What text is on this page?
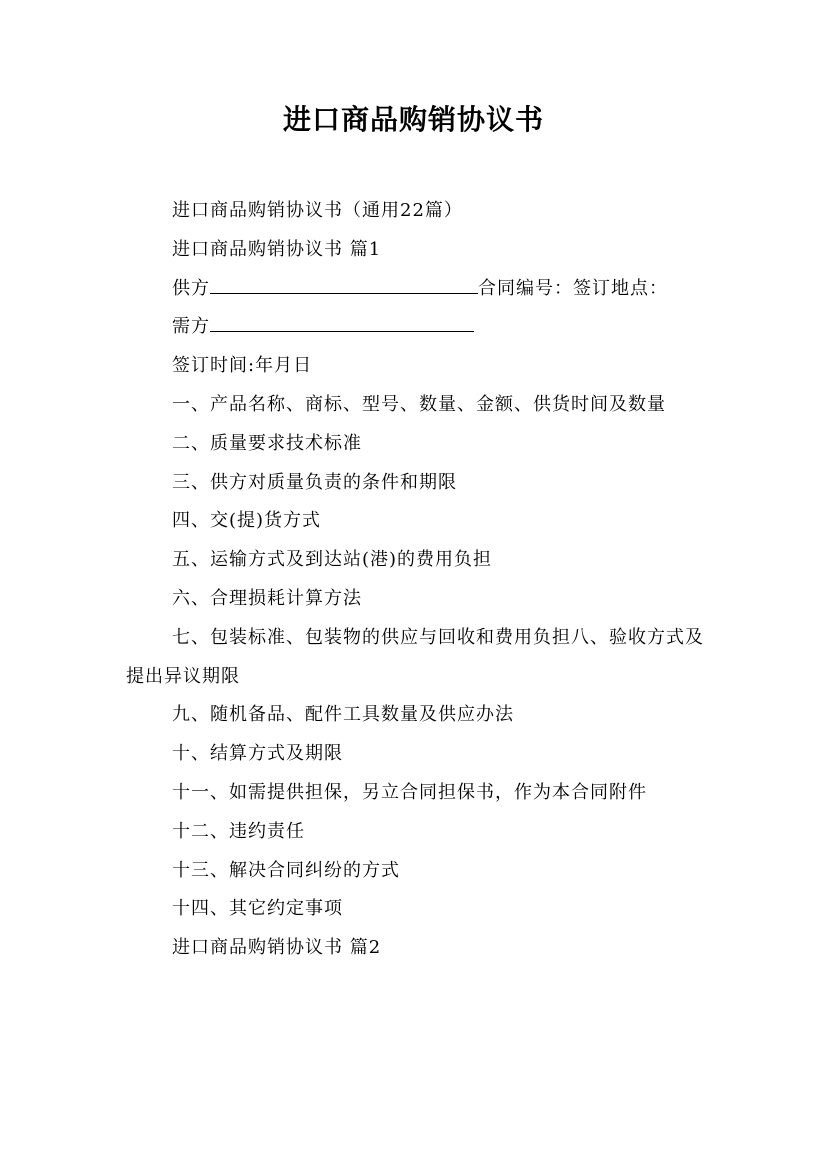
进口商品购销协议书

进口商品购销协议书（通用22篇）

进口商品购销协议书 篇1

供方	合同编号：签订地点：

需方

签订时间:年月日

一、产品名称、商标、型号、数量、金额、供货时间及数量

二、质量要求技术标准

三、供方对质量负责的条件和期限

四、交(提)货方式

五、运输方式及到达站(港)的费用负担

六、合理损耗计算方法

七、包装标准、包装物的供应与回收和费用负担八、验收方式及提出异议期限

九、随机备品、配件工具数量及供应办法

十、结算方式及期限

十一、如需提供担保，另立合同担保书，作为本合同附件

十二、违约责任

十三、解决合同纠纷的方式

十四、其它约定事项

进口商品购销协议书 篇2
